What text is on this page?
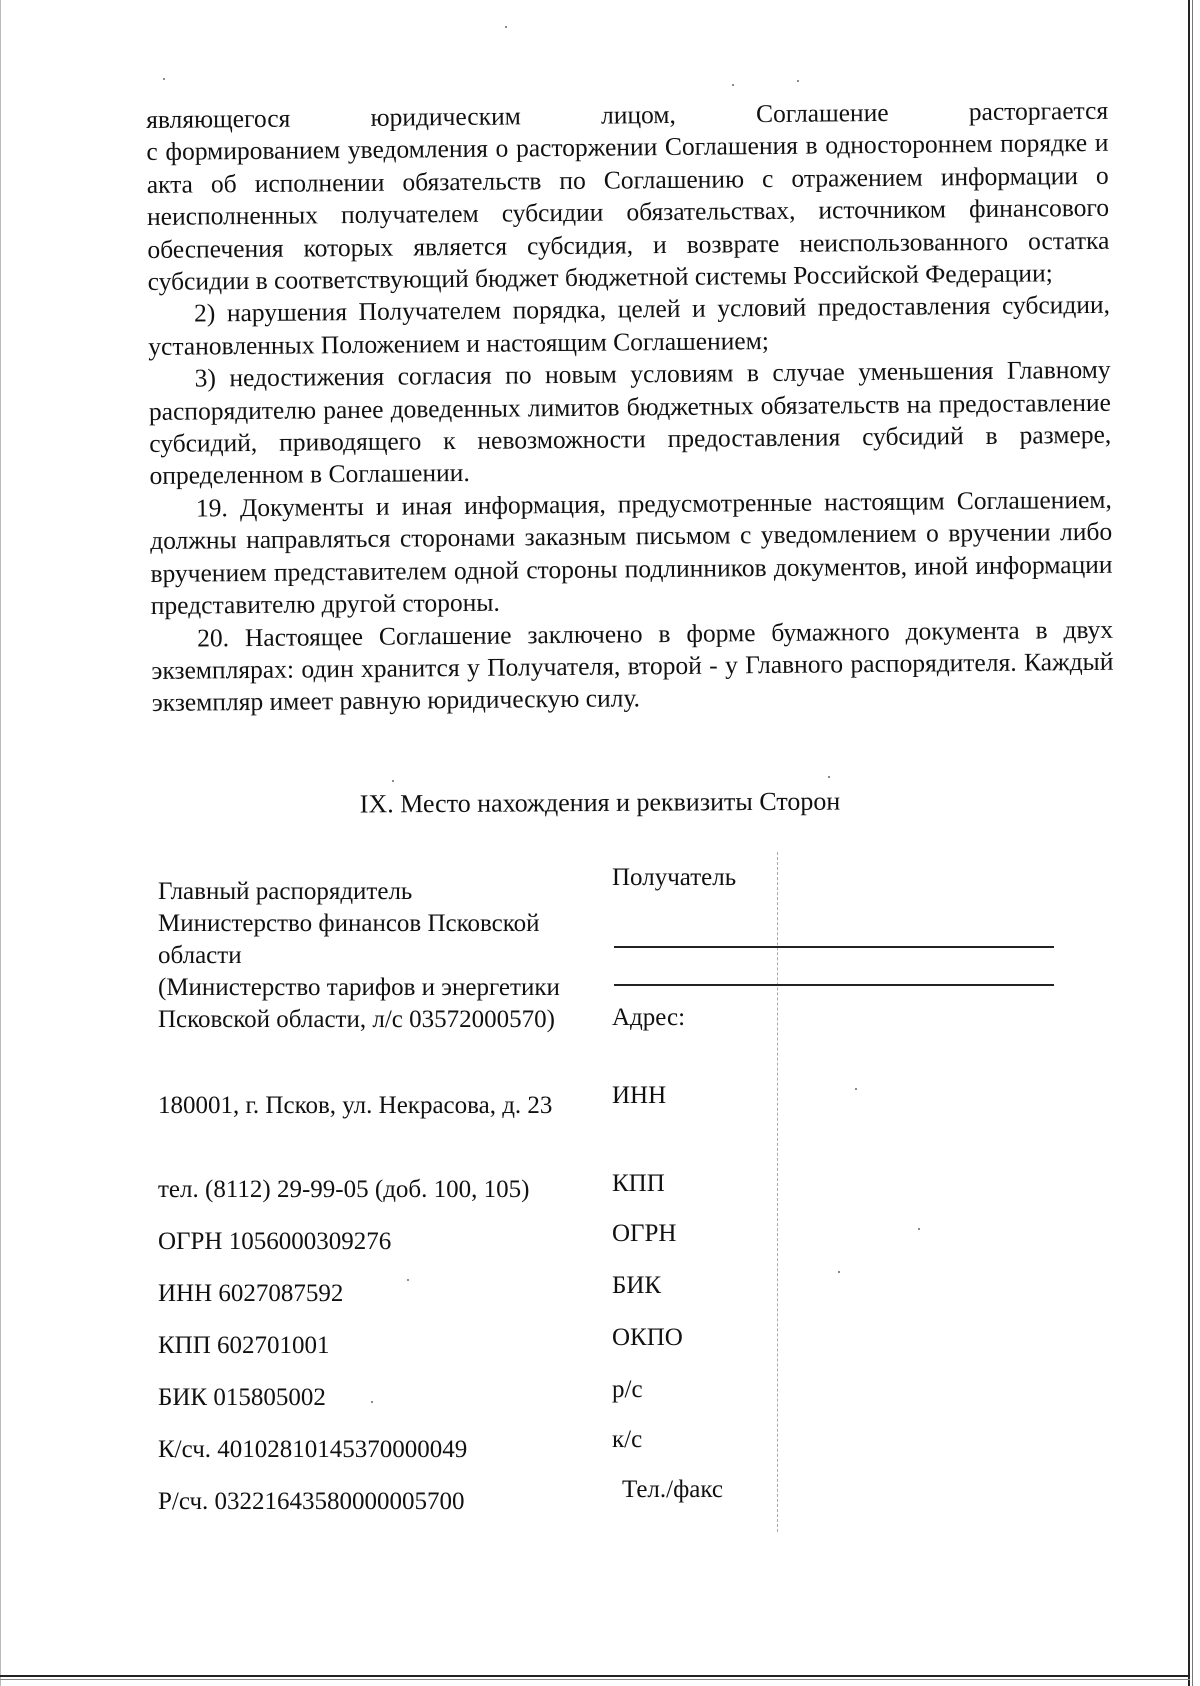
являющегося юридическим лицом, Соглашение расторгается
с формированием уведомления о расторжении Соглашения в одностороннем порядке и акта об исполнении обязательств по Соглашению с отражением информации о неисполненных получателем субсидии обязательствах, источником финансового обеспечения которых является субсидия, и возврате неиспользованного остатка субсидии в соответствующий бюджет бюджетной системы Российской Федерации;

2) нарушения Получателем порядка, целей и условий предоставления субсидии, установленных Положением и настоящим Соглашением;

3) недостижения согласия по новым условиям в случае уменьшения Главному распорядителю ранее доведенных лимитов бюджетных обязательств на предоставление субсидий, приводящего к невозможности предоставления субсидий в размере, определенном в Соглашении.

19. Документы и иная информация, предусмотренные настоящим Соглашением, должны направляться сторонами заказным письмом с уведомлением о вручении либо вручением представителем одной стороны подлинников документов, иной информации представителю другой стороны.

20. Настоящее Соглашение заключено в форме бумажного документа в двух экземплярах: один хранится у Получателя, второй - у Главного распорядителя. Каждый экземпляр имеет равную юридическую силу.

IX. Место нахождения и реквизиты Сторон
Главный распорядитель
Министерство финансов Псковской области
(Министерство тарифов и энергетики Псковской области, л/с 03572000570)
180001, г. Псков, ул. Некрасова, д. 23
тел. (8112) 29-99-05 (доб. 100, 105)
ОГРН 1056000309276
ИНН 6027087592
КПП 602701001
БИК 015805002
К/сч. 40102810145370000049
Р/сч. 03221643580000005700
Получатель
Адрес:
ИНН
КПП
ОГРН
БИК
ОКПО
р/с
к/с
Тел./факс
